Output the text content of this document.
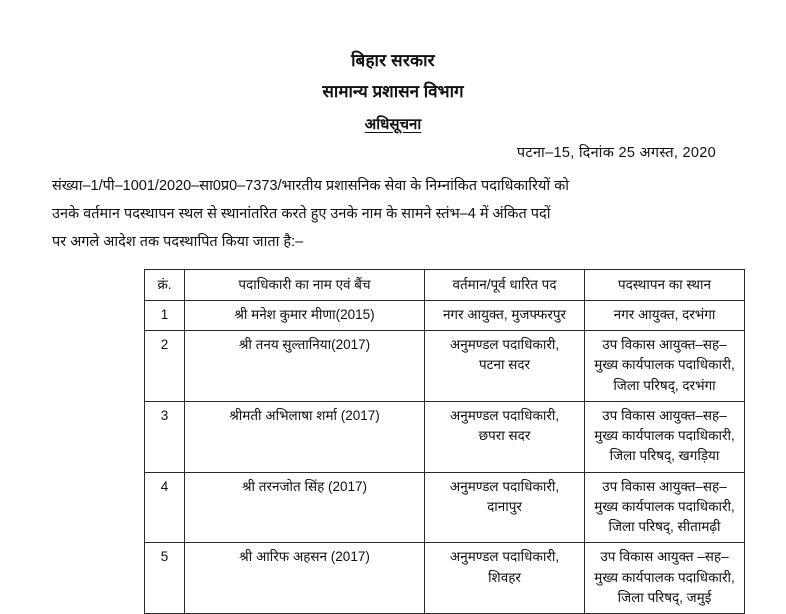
बिहार सरकार
सामान्य प्रशासन विभाग
अधिसूचना
पटना–15, दिनांक 25 अगस्त, 2020
संख्या–1/पी–1001/2020–सा0प्र0–7373/भारतीय प्रशासनिक सेवा के निम्नांकित पदाधिकारियों को
उनके वर्तमान पदस्थापन स्थल से स्थानांतरित करते हुए उनके नाम के सामने स्तंभ–4 में अंकित पदों
पर अगले आदेश तक पदस्थापित किया जाता है:–
क्रं.	पदाधिकारी का नाम एवं बैंच	वर्तमान/पूर्व धारित पद	पदस्थापन का स्थान
1	श्री मनेश कुमार मीणा(2015)	नगर आयुक्त, मुजफ्फरपुर	नगर आयुक्त, दरभंगा

2	श्री तनय सुल्तानिया(2017)	अनुमण्डल पदाधिकारी,
पटना सदर	उप विकास आयुक्त–सह–
मुख्य कार्यपालक पदाधिकारी,
जिला परिषद्, दरभंगा

3	श्रीमती अभिलाषा शर्मा (2017)	अनुमण्डल पदाधिकारी,
छपरा सदर	उप विकास आयुक्त–सह–
मुख्य कार्यपालक पदाधिकारी,
जिला परिषद्, खगड़िया

4	श्री तरनजोत सिंह (2017)	अनुमण्डल पदाधिकारी,
दानापुर	उप विकास आयुक्त–सह–
मुख्य कार्यपालक पदाधिकारी,
जिला परिषद्, सीतामढ़ी

5	श्री आरिफ अहसन (2017)	अनुमण्डल पदाधिकारी,
शिवहर	उप विकास आयुक्त –सह–
मुख्य कार्यपालक पदाधिकारी,
जिला परिषद्, जमुई
